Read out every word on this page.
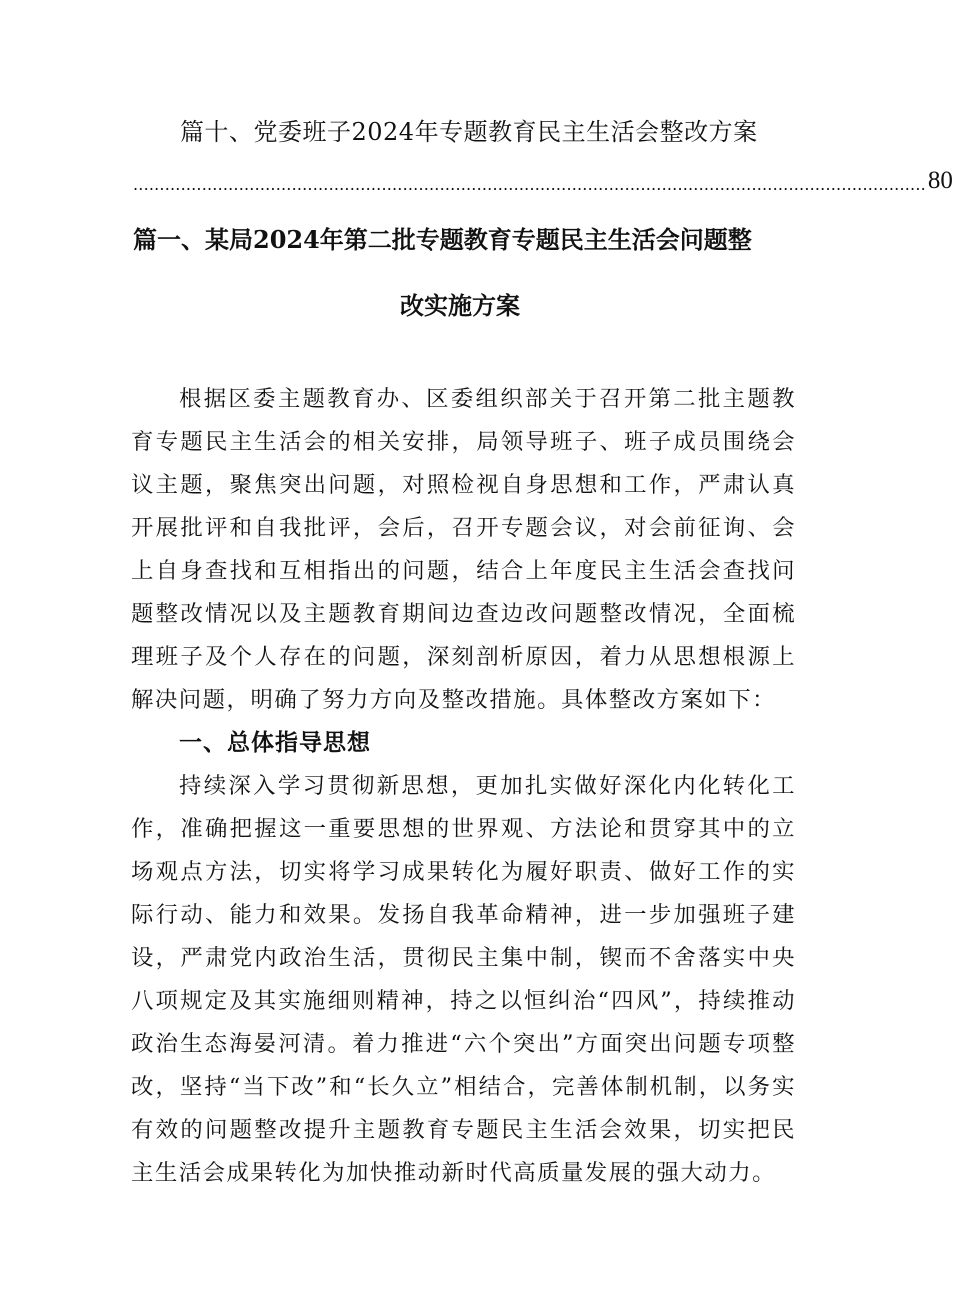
篇十、党委班子2024年专题教育民主生活会整改方案
...................................................................................................................................................... 80
篇一、某局2024年第二批专题教育专题民主生活会问题整
改实施方案

根据区委主题教育办、区委组织部关于召开第二批主题教育专题民主生活会的相关安排，局领导班子、班子成员围绕会议主题，聚焦突出问题，对照检视自身思想和工作，严肃认真开展批评和自我批评，会后，召开专题会议，对会前征询、会上自身查找和互相指出的问题，结合上年度民主生活会查找问题整改情况以及主题教育期间边查边改问题整改情况，全面梳理班子及个人存在的问题，深刻剖析原因，着力从思想根源上解决问题，明确了努力方向及整改措施。具体整改方案如下：

一、总体指导思想

持续深入学习贯彻新思想，更加扎实做好深化内化转化工作，准确把握这一重要思想的世界观、方法论和贯穿其中的立场观点方法，切实将学习成果转化为履好职责、做好工作的实际行动、能力和效果。发扬自我革命精神，进一步加强班子建设，严肃党内政治生活，贯彻民主集中制，锲而不舍落实中央八项规定及其实施细则精神，持之以恒纠治“四风”，持续推动政治生态海晏河清。着力推进“六个突出”方面突出问题专项整改，坚持“当下改”和“长久立”相结合，完善体制机制，以务实有效的问题整改提升主题教育专题民主生活会效果，切实把民主生活会成果转化为加快推动新时代高质量发展的强大动力。
